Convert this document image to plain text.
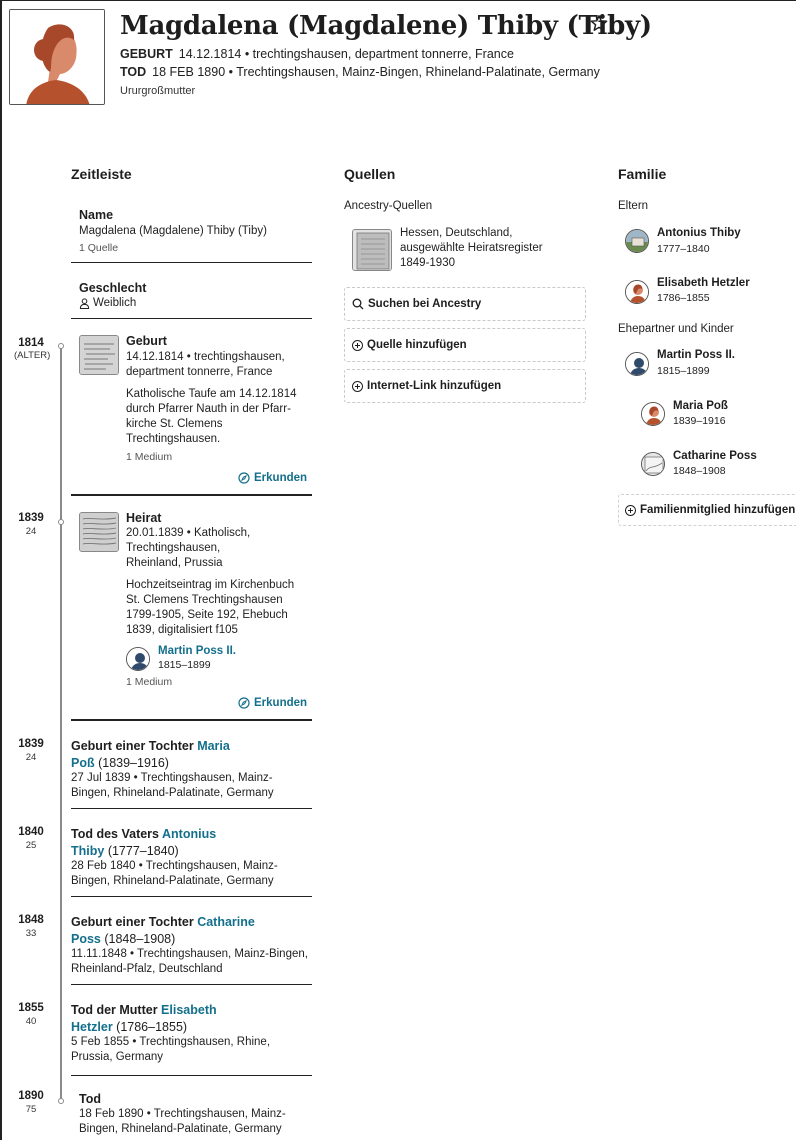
Magdalena (Magdalene) Thiby (Tiby)
GEBURT 14.12.1814 • trechtingshausen, department tonnerre, France
TOD 18 FEB 1890 • Trechtingshausen, Mainz-Bingen, Rhineland-Palatinate, Germany
Ururgroßmutter
Zeitleiste	Quellen	Familie
Name
Magdalena (Magdalene) Thiby (Tiby)
1 Quelle
Geschlecht
Weiblich
1814
(ALTER)
Geburt
14.12.1814 • trechtingshausen,
department tonnerre, France
Katholische Taufe am 14.12.1814
durch Pfarrer Nauth in der Pfarr-
kirche St. Clemens
Trechtingshausen.
1 Medium
Erkunden
1839
24
Heirat
20.01.1839 • Katholisch,
Trechtingshausen,
Rheinland, Prussia
Hochzeitseintrag im Kirchenbuch
St. Clemens Trechtingshausen
1799-1905, Seite 192, Ehebuch
1839, digitalisiert f105
Martin Poss II.
1815–1899
1 Medium
Erkunden
1839
24
Geburt einer Tochter Maria
Poß (1839–1916)
27 Jul 1839 • Trechtingshausen, Mainz-
Bingen, Rhineland-Palatinate, Germany
1840
25
Tod des Vaters Antonius
Thiby (1777–1840)
28 Feb 1840 • Trechtingshausen, Mainz-
Bingen, Rhineland-Palatinate, Germany
1848
33
Geburt einer Tochter Catharine
Poss (1848–1908)
11.11.1848 • Trechtingshausen, Mainz-Bingen,
Rheinland-Pfalz, Deutschland
1855
40
Tod der Mutter Elisabeth
Hetzler (1786–1855)
5 Feb 1855 • Trechtingshausen, Rhine,
Prussia, Germany
1890
75
Tod
18 Feb 1890 • Trechtingshausen, Mainz-
Bingen, Rhineland-Palatinate, Germany
Ancestry-Quellen
Hessen, Deutschland,
ausgewählte Heiratsregister
1849-1930
Suchen bei Ancestry
Quelle hinzufügen
Internet-Link hinzufügen
Eltern
Antonius Thiby
1777–1840
Elisabeth Hetzler
1786–1855
Ehepartner und Kinder
Martin Poss II.
1815–1899
Maria Poß
1839–1916
Catharine Poss
1848–1908
Familienmitglied hinzufügen
